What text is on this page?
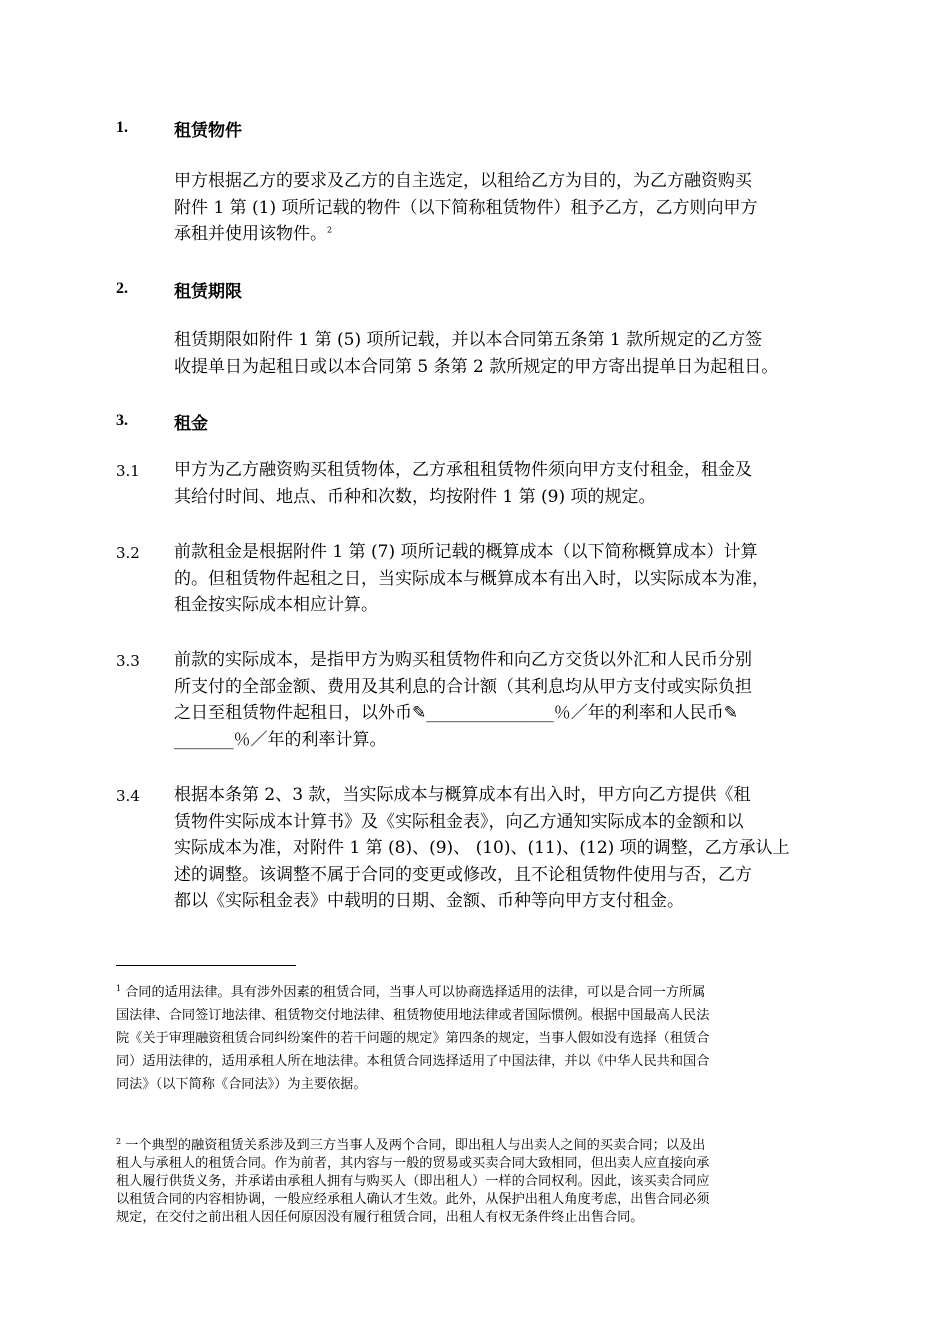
1.	租赁物件
甲方根据乙方的要求及乙方的自主选定，以租给乙方为目的，为乙方融资购买
附件 1 第 (1) 项所记载的物件（以下简称租赁物件）租予乙方，乙方则向甲方
承租并使用该物件。$^2$
2.	租赁期限
租赁期限如附件 1 第 (5) 项所记载，并以本合同第五条第 1 款所规定的乙方签
收提单日为起租日或以本合同第 5 条第 2 款所规定的甲方寄出提单日为起租日。
3.	租金
3.1 甲方为乙方融资购买租赁物体，乙方承租租赁物件须向甲方支付租金，租金及
其给付时间、地点、币种和次数，均按附件 1 第 (9) 项的规定。
3.2 前款租金是根据附件 1 第 (7) 项所记载的概算成本（以下简称概算成本）计算
的。但租赁物件起租之日，当实际成本与概算成本有出入时，以实际成本为准，
租金按实际成本相应计算。
3.3 前款的实际成本，是指甲方为购买租赁物件和向乙方交货以外汇和人民币分别
所支付的全部金额、费用及其利息的合计额（其利息均从甲方支付或实际负担
之日至租赁物件起租日，以外币✎_______________％／年的利率和人民币✎
_______％／年的利率计算。
3.4 根据本条第 2、3 款，当实际成本与概算成本有出入时，甲方向乙方提供《租
赁物件实际成本计算书》及《实际租金表》，向乙方通知实际成本的金额和以
实际成本为准，对附件 1 第 (8)、(9)、 (10)、(11)、(12) 项的调整，乙方承认上
述的调整。该调整不属于合同的变更或修改，且不论租赁物件使用与否，乙方
都以《实际租金表》中载明的日期、金额、币种等向甲方支付租金。
$^1$ 合同的适用法律。具有涉外因素的租赁合同，当事人可以协商选择适用的法律，可以是合同一方所属
国法律、合同签订地法律、租赁物交付地法律、租赁物使用地法律或者国际惯例。根据中国最高人民法
院《关于审理融资租赁合同纠纷案件的若干问题的规定》第四条的规定，当事人假如没有选择（租赁合
同）适用法律的，适用承租人所在地法律。本租赁合同选择适用了中国法律，并以《中华人民共和国合
同法》（以下简称《合同法》）为主要依据。
$^2$ 一个典型的融资租赁关系涉及到三方当事人及两个合同，即出租人与出卖人之间的买卖合同；以及出
租人与承租人的租赁合同。作为前者，其内容与一般的贸易或买卖合同大致相同，但出卖人应直接向承
租人履行供货义务，并承诺由承租人拥有与购买人（即出租人）一样的合同权利。因此，该买卖合同应
以租赁合同的内容相协调，一般应经承租人确认才生效。此外，从保护出租人角度考虑，出售合同必须
规定，在交付之前出租人因任何原因没有履行租赁合同，出租人有权无条件终止出售合同。
